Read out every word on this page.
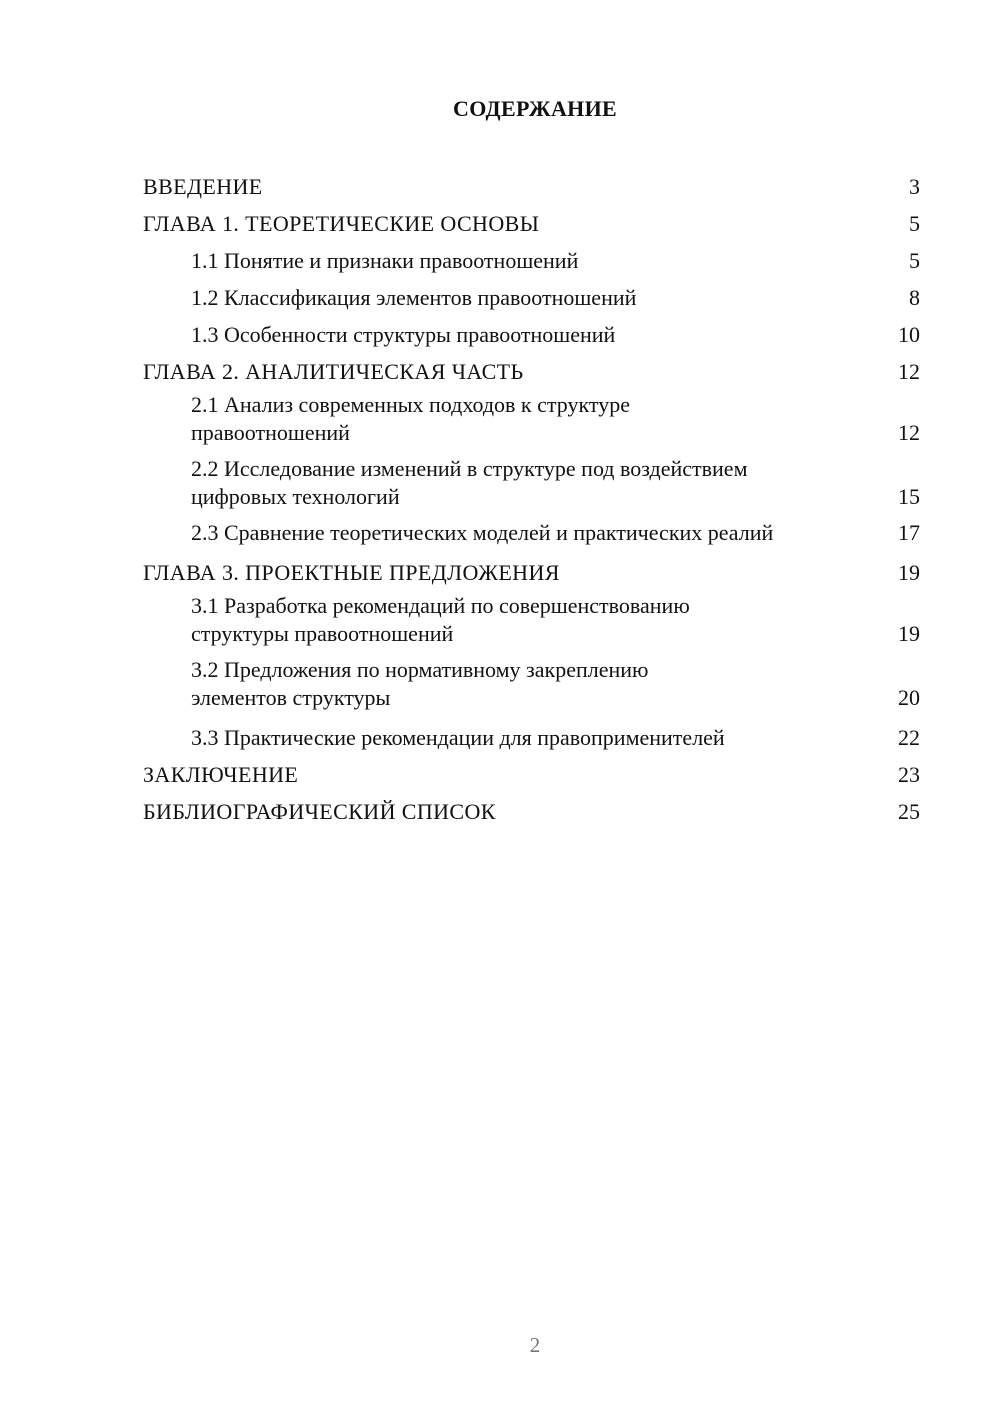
СОДЕРЖАНИЕ
ВВЕДЕНИЕ	3
ГЛАВА 1. ТЕОРЕТИЧЕСКИЕ ОСНОВЫ	5
1.1 Понятие и признаки правоотношений	5
1.2 Классификация элементов правоотношений	8
1.3 Особенности структуры правоотношений	10
ГЛАВА 2. АНАЛИТИЧЕСКАЯ ЧАСТЬ	12
2.1 Анализ современных подходов к структуре правоотношений	12
2.2 Исследование изменений в структуре под воздействием цифровых технологий	15
2.3 Сравнение теоретических моделей и практических реалий	17
ГЛАВА 3. ПРОЕКТНЫЕ ПРЕДЛОЖЕНИЯ	19
3.1 Разработка рекомендаций по совершенствованию структуры правоотношений	19
3.2 Предложения по нормативному закреплению элементов структуры	20
3.3 Практические рекомендации для правоприменителей	22
ЗАКЛЮЧЕНИЕ	23
БИБЛИОГРАФИЧЕСКИЙ СПИСОК	25
2
